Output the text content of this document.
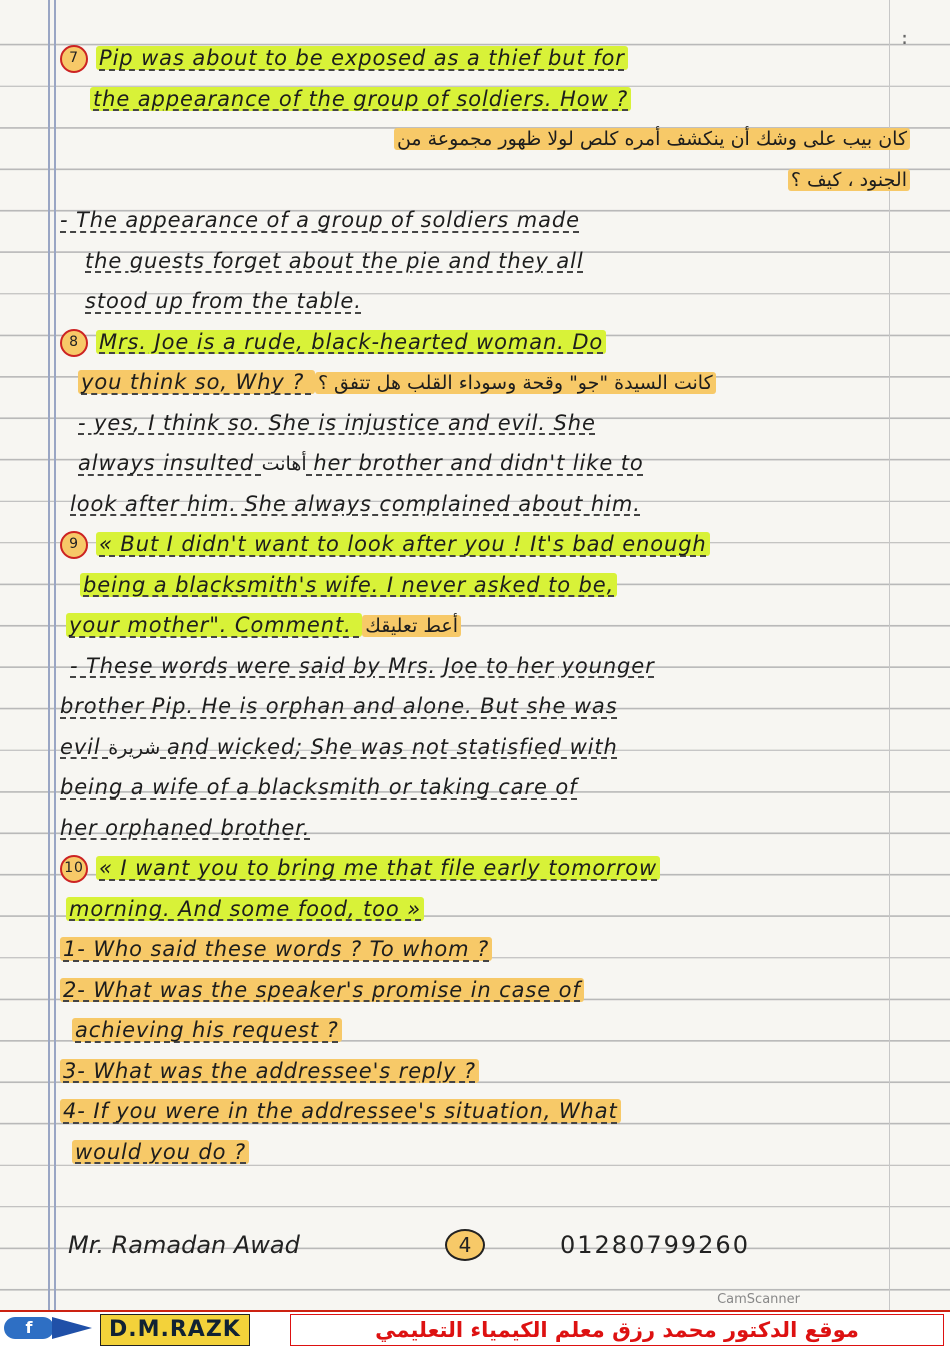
:
7 Pip was about to be exposed as a thief but for
the appearance of the group of soldiers. How ?
كان بيب على وشك أن ينكشف أمره كلص لولا ظهور مجموعة من
الجنود ، كيف ؟
- The appearance of a group of soldiers made
the guests forget about the pie and they all
stood up from the table.
8 Mrs. Joe is a rude, black-hearted woman. Do
you think so, Why ? كانت السيدة "جو" وقحة وسوداء القلب هل تتفق ؟
- yes, I think so. She is injustice and evil. She
always insulted أهانت her brother and didn't like to
look after him. She always complained about him.
9 « But I didn't want to look after you ! It's bad enough
being a blacksmith's wife. I never asked to be,
your mother". Comment. أعط تعليقك
- These words were said by Mrs. Joe to her younger
brother Pip. He is orphan and alone. But she was
evil شريرة and wicked; She was not statisfied with
being a wife of a blacksmith or taking care of
her orphaned brother.
10 « I want you to bring me that file early tomorrow
morning. And some food, too »
1- Who said these words ? To whom ?
2- What was the speaker's promise in case of
achieving his request ?
3- What was the addressee's reply ?
4- If you were in the addressee's situation, What
would you do ?
Mr. Ramadan Awad	4	01280799260
CamScanner
f	D.M.RAZK	موقع الدكتور محمد رزق معلم الكيمياء التعليمي
